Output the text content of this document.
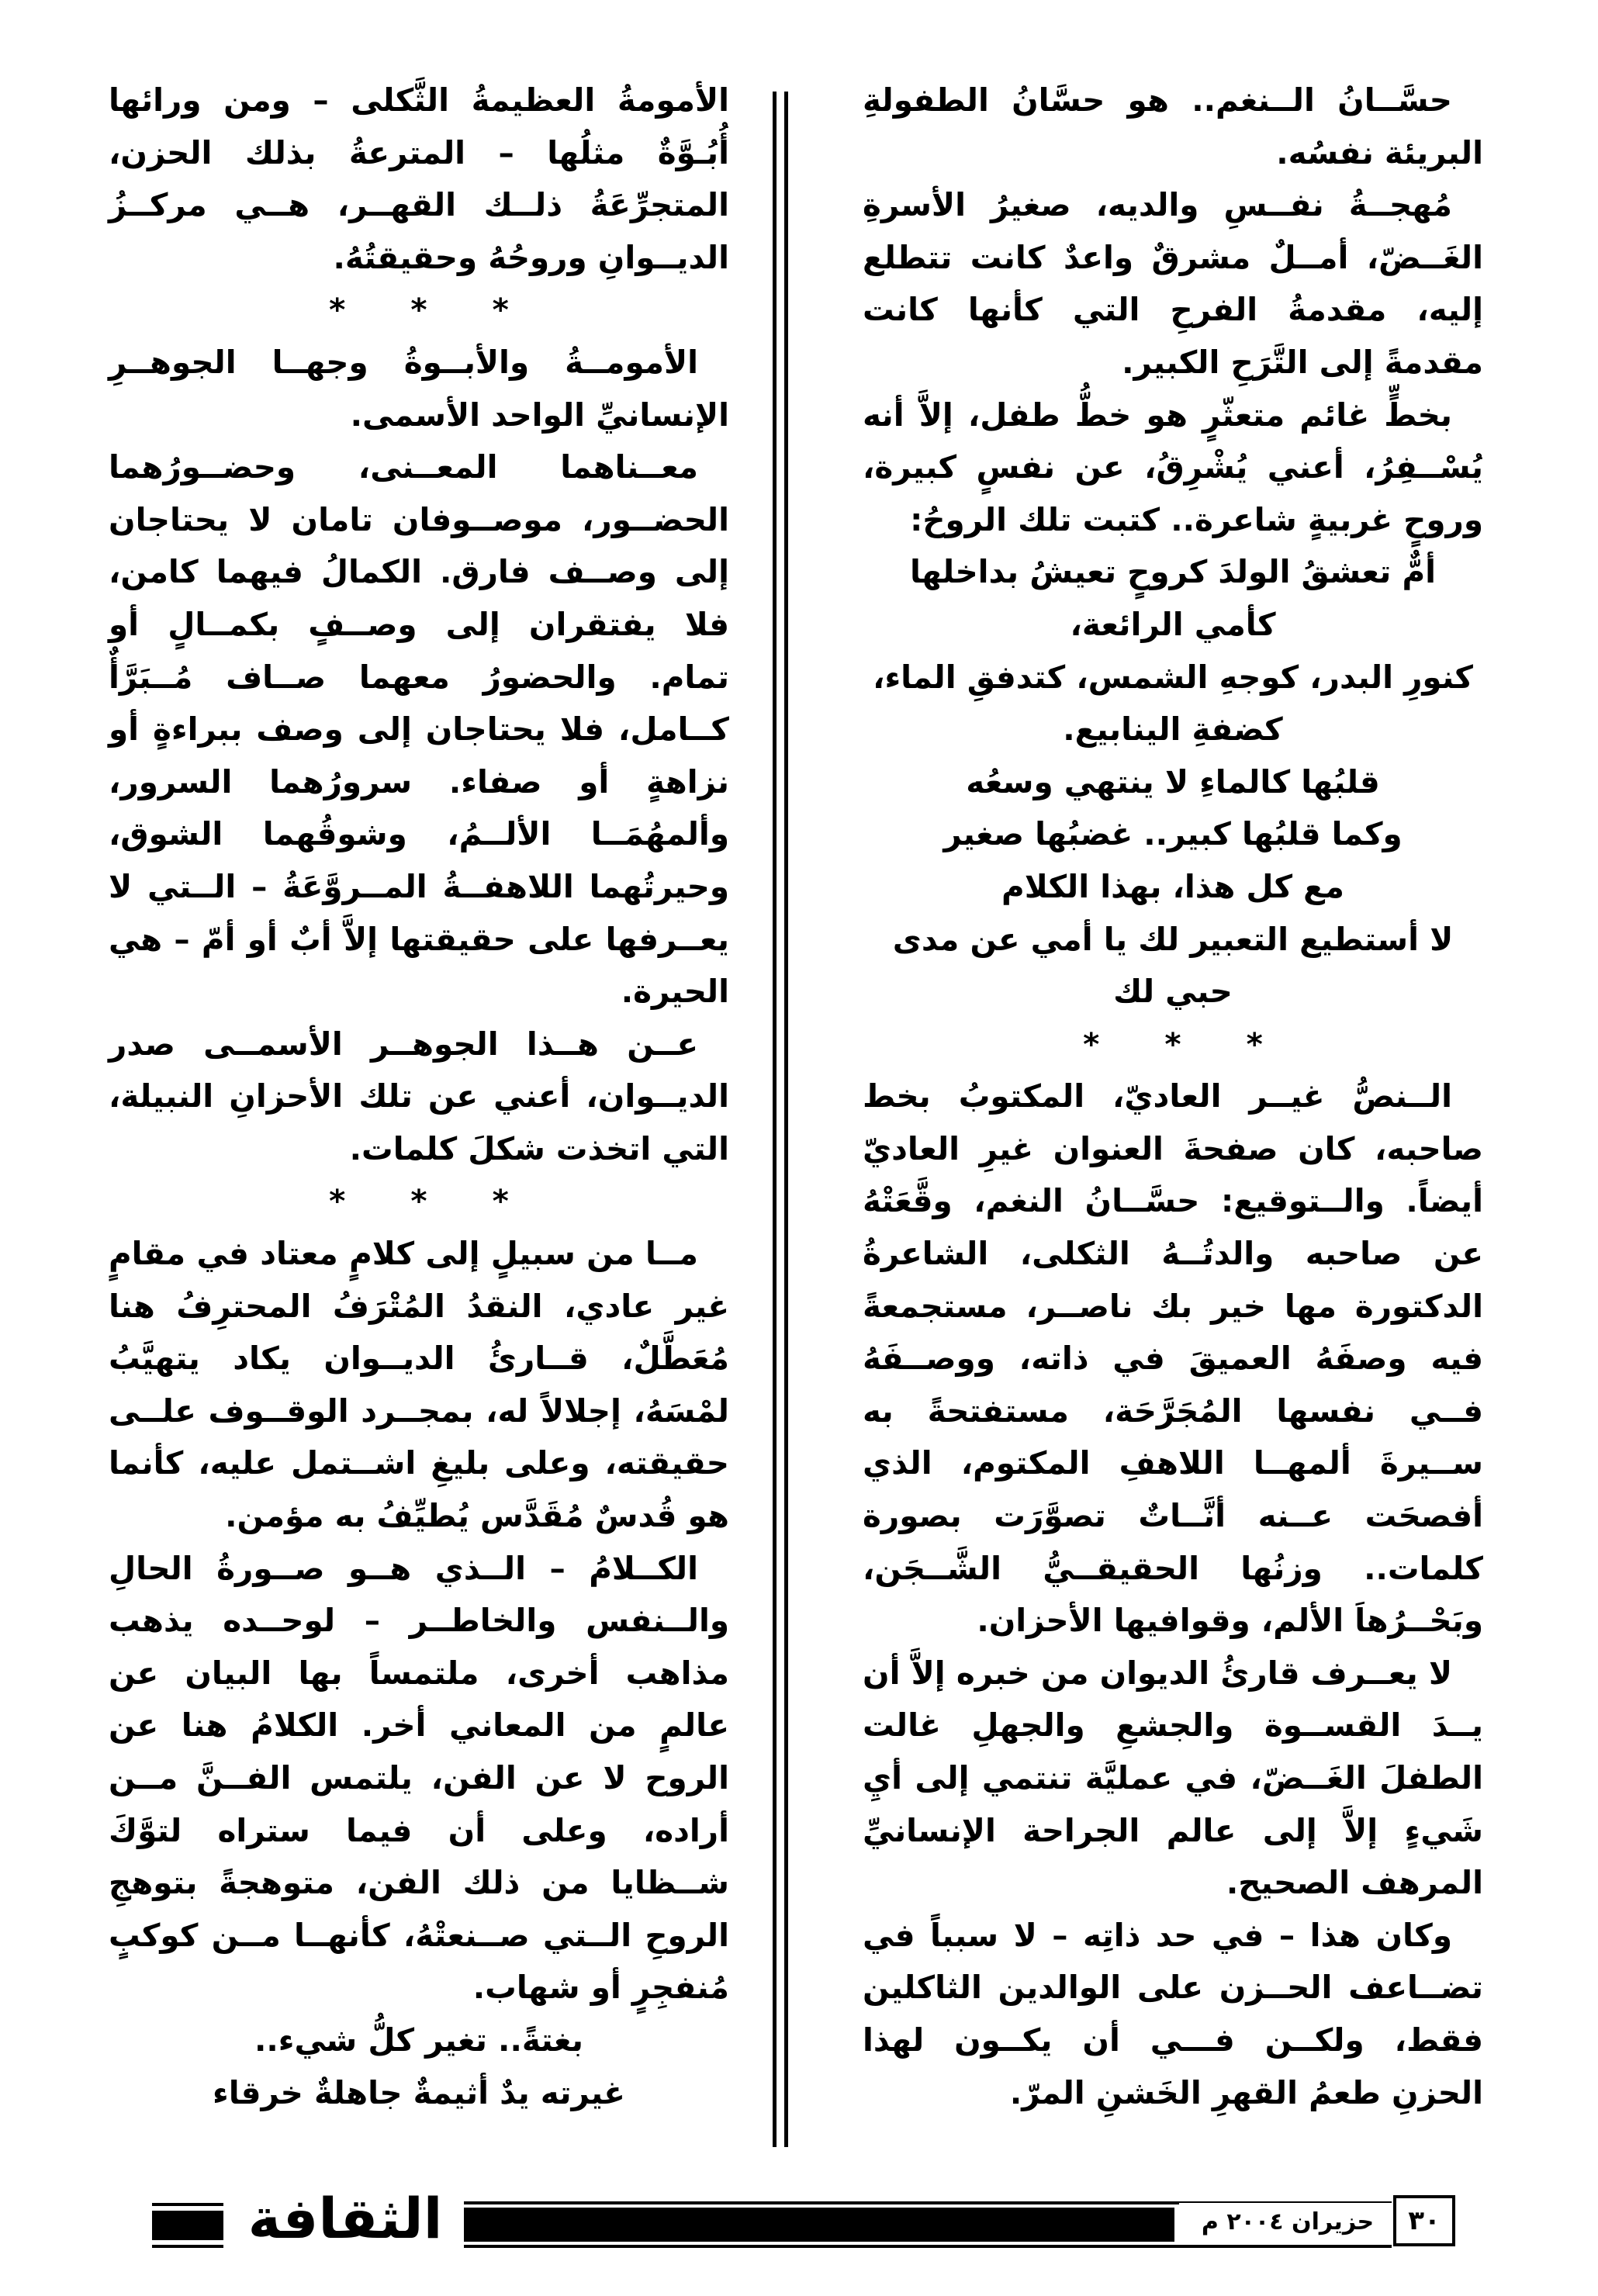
حسَّــانُ الــنغم.. هو حسَّانُ الطفولةِ البريئة نفسُه.

مُهجــةُ نفــسِ والديه، صغيرُ الأسرةِ الغَــضّ، أمــلٌ مشرقٌ واعدٌ كانت تتطلع إليه، مقدمةُ الفرحِ التي كأنها كانت مقدمةً إلى التَّرَحِ الكبير.

بخطٍّ غائم متعثّرٍ هو خطُّ طفل، إلاَّ أنه يُسْــفِرُ، أعني يُشْرِقُ، عن نفسٍ كبيرة، وروحٍ غربيةٍ شاعرة.. كتبت تلك الروحُ:

أمٌّ تعشقُ الولدَ كروحٍ تعيشُ بداخلها

كأمي الرائعة،

كنورِ البدر، كوجهِ الشمس، كتدفقِ الماء،

كضفةِ الينابيع.

قلبُها كالماءِ لا ينتهي وسعُه

وكما قلبُها كبير.. غضبُها صغير

مع كل هذا، بهذا الكلام

لا أستطيع التعبير لك يا أمي عن مدى حبي لك

* * *

الــنصُّ غيــر العاديّ، المكتوبُ بخط صاحبه، كان صفحةَ العنوان غيرِ العاديّ أيضاً. والــتوقيع: حسَّــانُ النغم، وقَّعَتْهُ عن صاحبه والدتُــهُ الثكلى، الشاعرةُ الدكتورة مها خير بك ناصــر، مستجمعةً فيه وصفَهُ العميقَ في ذاته، ووصــفَهُ فــي نفسها المُجَرَّحَة، مستفتحةً به ســيرةَ ألمهــا اللاهفِ المكتوم، الذي أفصحَت عــنه أنَّــاتٌ تصوَّرَت بصورة كلمات.. وزنُها الحقيقــيُّ الشَّــجَن، وبَحْــرُهاَ الألم، وقوافيها الأحزان.

لا يعــرف قارئُ الديوان من خبره إلاَّ أن يــدَ القســوة والجشعِ والجهلِ غالت الطفلَ الغَــضّ، في عمليَّة تنتمي إلى أيِ شَيءٍ إلاَّ إلى عالم الجراحة الإنسانيِّ المرهف الصحيح.

وكان هذا – في حد ذاتِه – لا سبباً في تضــاعف الحــزن على الوالدين الثاكلين فقط، ولكــن فـــي أن يكــون لهذا الحزنِ طعمُ القهرِ الخَشنِ المرّ.

الأمومةُ العظيمةُ الثَّكلى – ومن ورائها أُبُـوَّةٌ مثلُها – المترعةُ بذلك الحزن، المتجرِّعَةُ ذلــك القهــر، هــي مركــزُ الديــوانِ وروحُهُ وحقيقتُهُ.

* * *

الأمومــةُ والأبــوةُ وجهــا الجوهــرِ الإنسانيِّ الواحد الأسمى.

معــناهما المعــنى، وحضــورُهما الحضــور، موصــوفان تامان لا يحتاجان إلى وصــف فارق. الكمالُ فيهما كامن، فلا يفتقران إلى وصــفٍ بكمــالٍ أو تمام. والحضورُ معهما صــاف مُــبَرَّأٌ كــامل، فلا يحتاجان إلى وصف ببراءةٍ أو نزاهةٍ أو صفاء. سرورُهما السرور، وألمهُمَــا الألــمُ، وشوقُهما الشوق، وحيرتُهما اللاهفــةُ المــروَّعَةُ – الــتي لا يعــرفها على حقيقتها إلاَّ أبٌ أو أمّ – هي الحيرة.

عــن هــذا الجوهــر الأسمــى صدر الديــوان، أعني عن تلك الأحزانِ النبيلة، التي اتخذت شكلَ كلمات.

* * *

مــا من سبيلٍ إلى كلامٍ معتاد في مقامٍ غير عادي، النقدُ المُتْرَفُ المحترِفُ هنا مُعَطَّلٌ، قــارئُ الديــوان يكاد يتهيَّبُ لمْسَهُ، إجلالاً له، بمجــرد الوقــوف علــى حقيقته، وعلى بليغِ اشــتمل عليه، كأنما هو قُدسٌ مُقَدَّس يُطيِّفُ به مؤمن.

الكــلامُ – الــذي هــو صــورةُ الحالِ والــنفس والخاطــر – لوحــده يذهب مذاهب أخرى، ملتمساً بها البيان عن عالمٍ من المعاني أخر. الكلامُ هنا عن الروح لا عن الفن، يلتمس الفــنَّ مــن أراده، وعلى أن فيما ستراه لتوَّكَ شــظايا من ذلك الفن، متوهجةً بتوهجِ الروحِ الــتي صــنعتْهُ، كأنهــا مــن كوكبٍ مُنفجِرٍ أو شهاب.

بغتةً.. تغير كلُّ شيء..

غيرته يدٌ أثيمةٌ جاهلةٌ خرقاء

الثقافة	حزيران ٢٠٠٤ م	٣٠
